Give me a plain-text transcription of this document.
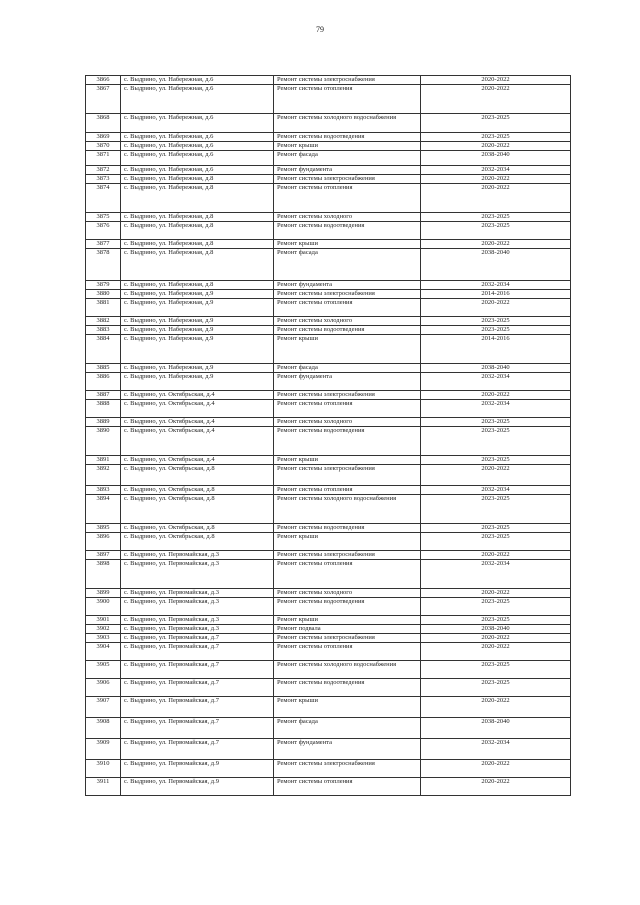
79
3866	с. Выдрино, ул. Набережная, д.6	Ремонт системы электроснабжения	2020-2022
3867	с. Выдрино, ул. Набережная, д.6	Ремонт системы отопления	2020-2022
3868	с. Выдрино, ул. Набережная, д.6	Ремонт системы холодного водоснабжения	2023-2025
3869	с. Выдрино, ул. Набережная, д.6	Ремонт системы водоотведения	2023-2025
3870	с. Выдрино, ул. Набережная, д.6	Ремонт крыши	2020-2022
3871	с. Выдрино, ул. Набережная, д.6	Ремонт фасада	2038-2040
3872	с. Выдрино, ул. Набережная, д.6	Ремонт фундамента	2032-2034
3873	с. Выдрино, ул. Набережная, д.8	Ремонт системы электроснабжения	2020-2022
3874	с. Выдрино, ул. Набережная, д.8	Ремонт системы отопления	2020-2022
3875	с. Выдрино, ул. Набережная, д.8	Ремонт системы холодного	2023-2025
3876	с. Выдрино, ул. Набережная, д.8	Ремонт системы водоотведения	2023-2025
3877	с. Выдрино, ул. Набережная, д.8	Ремонт крыши	2020-2022
3878	с. Выдрино, ул. Набережная, д.8	Ремонт фасада	2038-2040
3879	с. Выдрино, ул. Набережная, д.8	Ремонт фундамента	2032-2034
3880	с. Выдрино, ул. Набережная, д.9	Ремонт системы электроснабжения	2014-2016
3881	с. Выдрино, ул. Набережная, д.9	Ремонт системы отопления	2020-2022
3882	с. Выдрино, ул. Набережная, д.9	Ремонт системы холодного	2023-2025
3883	с. Выдрино, ул. Набережная, д.9	Ремонт системы водоотведения	2023-2025
3884	с. Выдрино, ул. Набережная, д.9	Ремонт крыши	2014-2016
3885	с. Выдрино, ул. Набережная, д.9	Ремонт фасада	2038-2040
3886	с. Выдрино, ул. Набережная, д.9	Ремонт фундамента	2032-2034
3887	с. Выдрино, ул. Октябрьская, д.4	Ремонт системы электроснабжения	2020-2022
3888	с. Выдрино, ул. Октябрьская, д.4	Ремонт системы отопления	2032-2034
3889	с. Выдрино, ул. Октябрьская, д.4	Ремонт системы холодного	2023-2025
3890	с. Выдрино, ул. Октябрьская, д.4	Ремонт системы водоотведения	2023-2025
3891	с. Выдрино, ул. Октябрьская, д.4	Ремонт крыши	2023-2025
3892	с. Выдрино, ул. Октябрьская, д.8	Ремонт системы электроснабжения	2020-2022
3893	с. Выдрино, ул. Октябрьская, д.8	Ремонт системы отопления	2032-2034
3894	с. Выдрино, ул. Октябрьская, д.8	Ремонт системы холодного водоснабжения	2023-2025
3895	с. Выдрино, ул. Октябрьская, д.8	Ремонт системы водоотведения	2023-2025
3896	с. Выдрино, ул. Октябрьская, д.8	Ремонт крыши	2023-2025
3897	с. Выдрино, ул. Первомайская, д.3	Ремонт системы электроснабжения	2020-2022
3898	с. Выдрино, ул. Первомайская, д.3	Ремонт системы отопления	2032-2034
3899	с. Выдрино, ул. Первомайская, д.3	Ремонт системы холодного	2020-2022
3900	с. Выдрино, ул. Первомайская, д.3	Ремонт системы водоотведения	2023-2025
3901	с. Выдрино, ул. Первомайская, д.3	Ремонт крыши	2023-2025
3902	с. Выдрино, ул. Первомайская, д.3	Ремонт подвала	2038-2040
3903	с. Выдрино, ул. Первомайская, д.7	Ремонт системы электроснабжения	2020-2022
3904	с. Выдрино, ул. Первомайская, д.7	Ремонт системы отопления	2020-2022
3905	с. Выдрино, ул. Первомайская, д.7	Ремонт системы холодного водоснабжения	2023-2025
3906	с. Выдрино, ул. Первомайская, д.7	Ремонт системы водоотведения	2023-2025
3907	с. Выдрино, ул. Первомайская, д.7	Ремонт крыши	2020-2022
3908	с. Выдрино, ул. Первомайская, д.7	Ремонт фасада	2038-2040
3909	с. Выдрино, ул. Первомайская, д.7	Ремонт фундамента	2032-2034
3910	с. Выдрино, ул. Первомайская, д.9	Ремонт системы электроснабжения	2020-2022
3911	с. Выдрино, ул. Первомайская, д.9	Ремонт системы отопления	2020-2022
